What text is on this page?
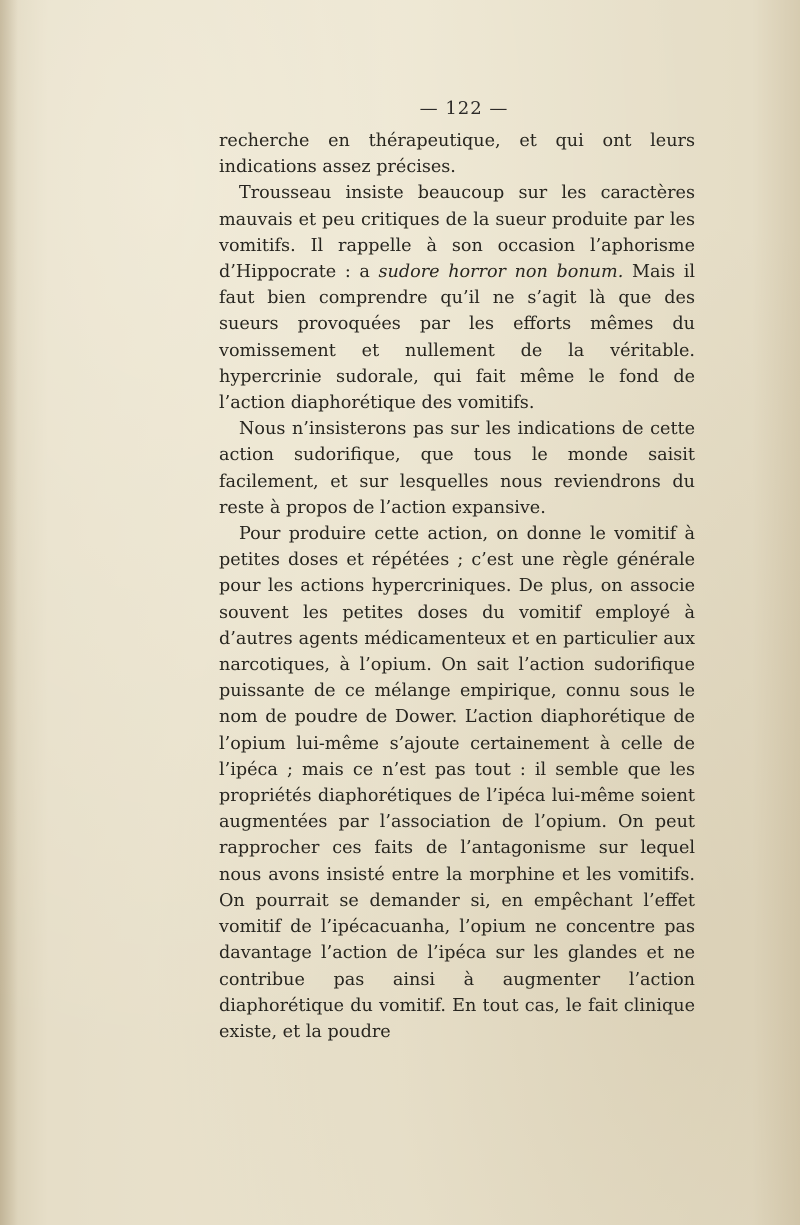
— 122 —

recherche en thérapeutique, et qui ont leurs indications assez précises.

Trousseau insiste beaucoup sur les caractères mauvais et peu critiques de la sueur produite par les vomitifs. Il rappelle à son occasion l’aphorisme d’Hippocrate : a sudore horror non bonum. Mais il faut bien comprendre qu’il ne s’agit là que des sueurs provoquées par les efforts mêmes du vomissement et nullement de la véritable. hypercrinie sudorale, qui fait même le fond de l’action diaphorétique des vomitifs.

Nous n’insisterons pas sur les indications de cette action sudorifique, que tous le monde saisit facilement, et sur lesquelles nous reviendrons du reste à propos de l’action expansive.

Pour produire cette action, on donne le vomitif à petites doses et répétées ; c’est une règle générale pour les actions hypercriniques. De plus, on associe souvent les petites doses du vomitif employé à d’autres agents médicamenteux et en particulier aux narcotiques, à l’opium. On sait l’action sudorifique puissante de ce mélange empirique, connu sous le nom de poudre de Dower. L’action diaphorétique de l’opium lui-même s’ajoute certainement à celle de l’ipéca ; mais ce n’est pas tout : il semble que les propriétés diaphorétiques de l’ipéca lui-même soient augmentées par l’association de l’opium. On peut rapprocher ces faits de l’antagonisme sur lequel nous avons insisté entre la morphine et les vomitifs. On pourrait se demander si, en empêchant l’effet vomitif de l’ipécacuanha, l’opium ne concentre pas davantage l’action de l’ipéca sur les glandes et ne contribue pas ainsi à augmenter l’action diaphorétique du vomitif. En tout cas, le fait clinique existe, et la poudre
